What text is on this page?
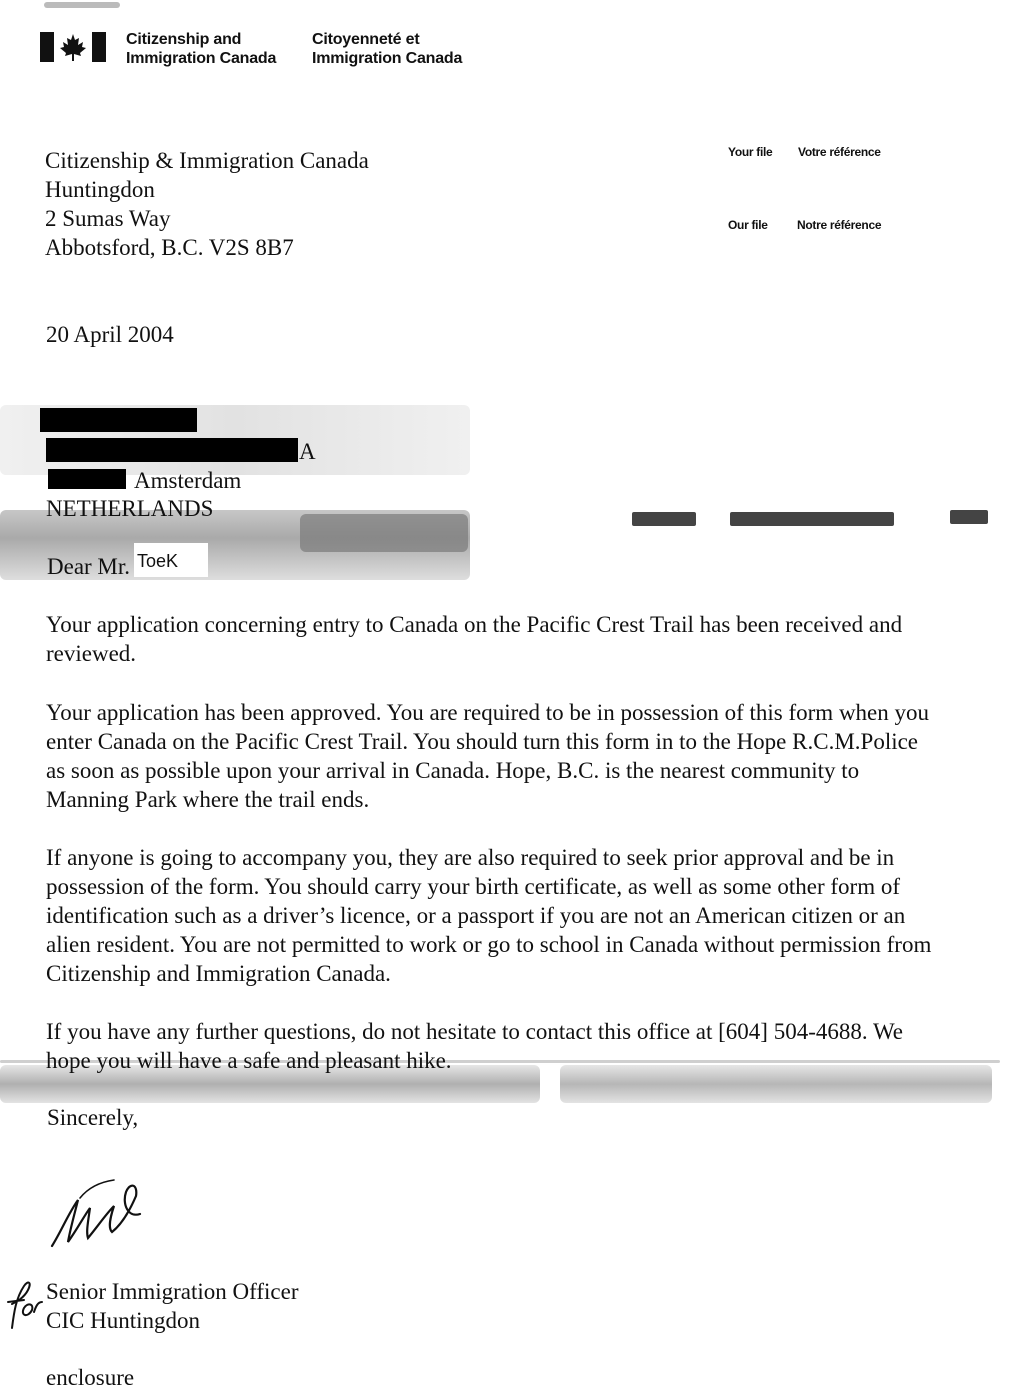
Citizenship and
Immigration Canada
Citoyenneté et
Immigration Canada
Your file Votre référence
Our file Notre référence
Citizenship & Immigration Canada
Huntingdon
2 Sumas Way
Abbotsford, B.C. V2S 8B7
20 April 2004
A
Amsterdam
NETHERLANDS
Dear Mr. ToeK
Your application concerning entry to Canada on the Pacific Crest Trail has been received and
reviewed.
Your application has been approved. You are required to be in possession of this form when you
enter Canada on the Pacific Crest Trail. You should turn this form in to the Hope R.C.M.Police
as soon as possible upon your arrival in Canada. Hope, B.C. is the nearest community to
Manning Park where the trail ends.
If anyone is going to accompany you, they are also required to seek prior approval and be in
possession of the form. You should carry your birth certificate, as well as some other form of
identification such as a driver’s licence, or a passport if you are not an American citizen or an
alien resident. You are not permitted to work or go to school in Canada without permission from
Citizenship and Immigration Canada.
If you have any further questions, do not hesitate to contact this office at [604] 504-4688. We
hope you will have a safe and pleasant hike.
Sincerely,
Senior Immigration Officer
CIC Huntingdon
enclosure
